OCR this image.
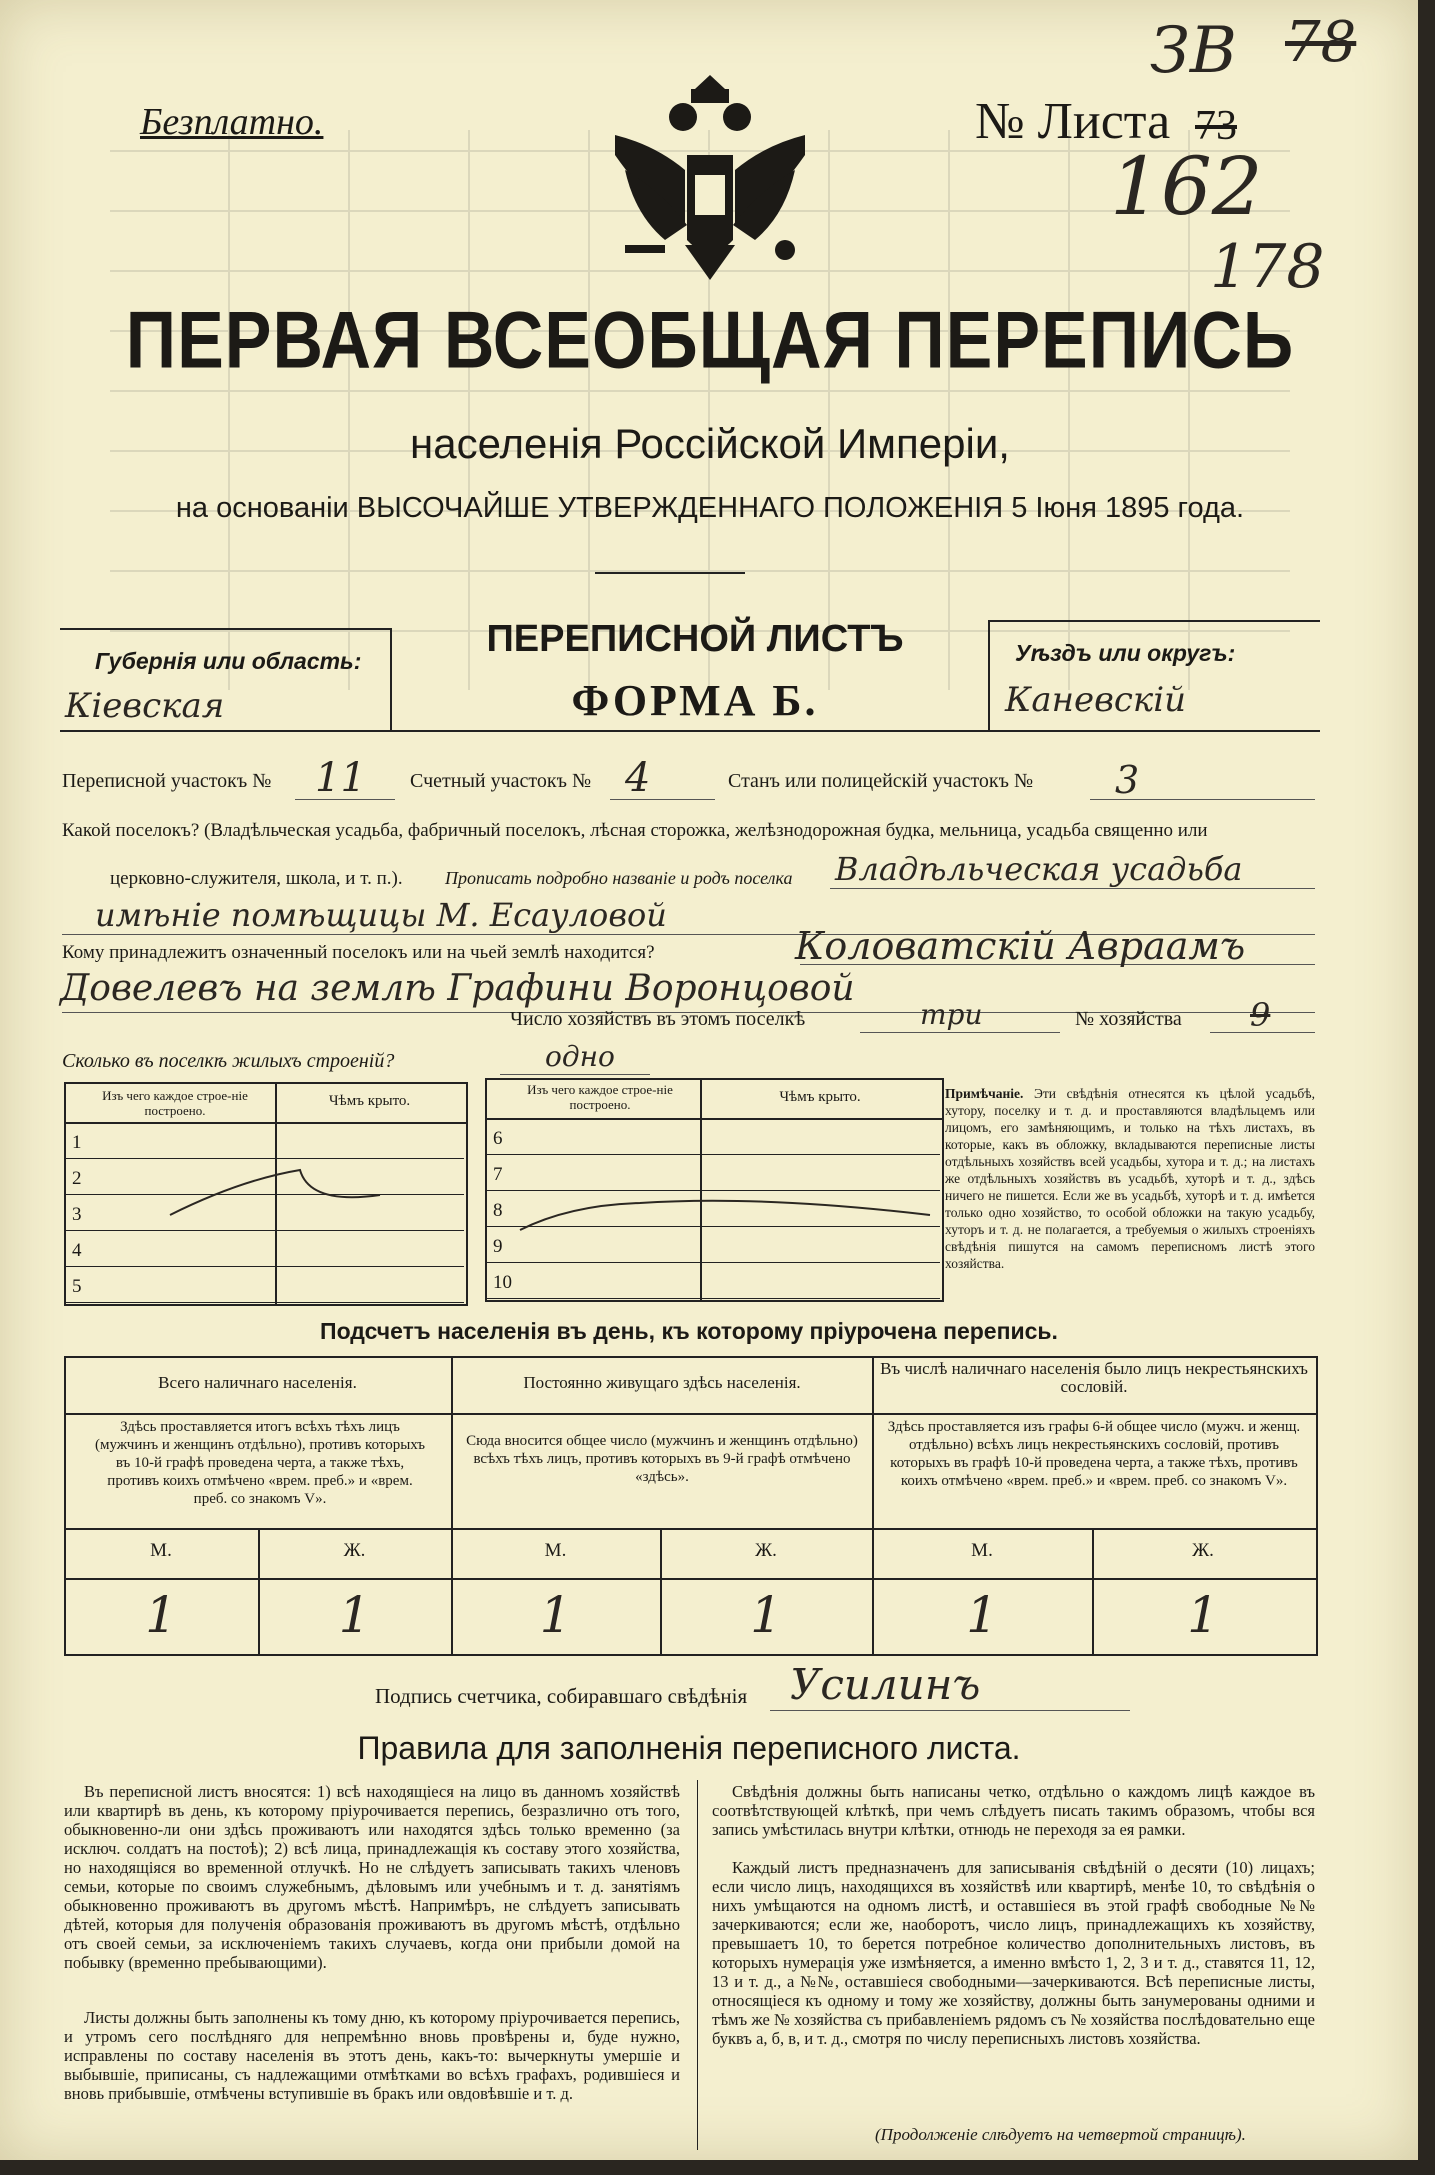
ЗВ 78
162
178
Безплатно.	№ Листа 73
ПЕРВАЯ ВСЕОБЩАЯ ПЕРЕПИСЬ
населенія Россійской Имперіи,
на основаніи ВЫСОЧАЙШЕ УТВЕРЖДЕННАГО ПОЛОЖЕНІЯ 5 Іюня 1895 года.
Губернія или область:
Кіевская
ПЕРЕПИСНОЙ ЛИСТЪ
ФОРМА Б.
Уѣздъ или округъ:
Каневскій
Переписной участокъ № 11 Счетный участокъ № 4	Станъ или полицейскій участокъ № 3
Какой поселокъ? (Владѣльческая усадьба, фабричный поселокъ, лѣсная сторожка, желѣзнодорожная будка, мельница, усадьба священно или
церковно-служителя, школа, и т. п.). Прописать подробно названіе и родъ поселка Владѣльческая усадьба
имѣніе помѣщицы М. Есауловой
Кому принадлежитъ означенный поселокъ или на чьей землѣ находится?	Коловатскій Авраамъ
Довелевъ на землѣ Графини Воронцовой
Число хозяйствъ въ этомъ поселкѣ	три	№ хозяйства 9
Сколько въ поселкѣ жилыхъ строеній?	одно
Изъ чего каждое строе-ніе построено.
Чѣмъ крыто.
1
2
3
4
5
Изъ чего каждое строе-ніе построено.	Чѣмъ крыто.
6
7
8
9
10
Примѣчаніе. Эти свѣдѣнія отнесятся къ цѣлой усадьбѣ, хутору, поселку и т. д. и проставляются владѣльцемъ или лицомъ, его замѣняющимъ, и только на тѣхъ листахъ, въ которые, какъ въ обложку, вкладываются переписные листы отдѣльныхъ хозяйствъ всей усадьбы, хутора и т. д.; на листахъ же отдѣльныхъ хозяйствъ въ усадьбѣ, хуторѣ и т. д., здѣсь ничего не пишется. Если же въ усадьбѣ, хуторѣ и т. д. имѣется только одно хозяйство, то особой обложки на такую усадьбу, хуторъ и т. д. не полагается, а требуемыя о жилыхъ строеніяхъ свѣдѣнія пишутся на самомъ переписномъ листѣ этого хозяйства.
Подсчетъ населенія въ день, къ которому пріурочена перепись.
Всего наличнаго населенія.	Постоянно живущаго здѣсь населенія.
Въ числѣ наличнаго населенія было лицъ некрестьянскихъ сословій.
Здѣсь проставляется итогъ всѣхъ тѣхъ лицъ (мужчинъ и женщинъ отдѣльно), противъ которыхъ въ 10-й графѣ проведена черта, а также тѣхъ, противъ коихъ отмѣчено «врем. преб.» и «врем. преб. со знакомъ V».
Сюда вносится общее число (мужчинъ и женщинъ отдѣльно) всѣхъ тѣхъ лицъ, противъ которыхъ въ 9-й графѣ отмѣчено «здѣсь».
Здѣсь проставляется изъ графы 6-й общее число (мужч. и женщ. отдѣльно) всѣхъ лицъ некрестьянскихъ сословій, противъ которыхъ въ графѣ 10-й проведена черта, а также тѣхъ, противъ коихъ отмѣчено «врем. преб.» и «врем. преб. со знакомъ V».
М.	Ж.	М.	Ж.	М.	Ж.
1	1	1	1	1	1
Подпись счетчика, собиравшаго свѣдѣнія Усилинъ
Правила для заполненія переписного листа.
Въ переписной листъ вносятся: 1) всѣ находящіеся на лицо въ данномъ хозяйствѣ или квартирѣ въ день, къ которому пріурочивается перепись, безразлично отъ того, обыкновенно-ли они здѣсь проживаютъ или находятся здѣсь только временно (за исключ. солдатъ на постоѣ); 2) всѣ лица, принадлежащія къ составу этого хозяйства, но находящіяся во временной отлучкѣ. Но не слѣдуетъ записывать такихъ членовъ семьи, которые по своимъ служебнымъ, дѣловымъ или учебнымъ и т. д. занятіямъ обыкновенно проживаютъ въ другомъ мѣстѣ. Напримѣръ, не слѣдуетъ записывать дѣтей, которыя для полученія образованія проживаютъ въ другомъ мѣстѣ, отдѣльно отъ своей семьи, за исключеніемъ такихъ случаевъ, когда они прибыли домой на побывку (временно пребывающими).
Листы должны быть заполнены къ тому дню, къ которому пріурочивается перепись, и утромъ сего послѣдняго для непремѣнно вновь провѣрены и, буде нужно, исправлены по составу населенія въ этотъ день, какъ-то: вычеркнуты умершіе и выбывшіе, приписаны, съ надлежащими отмѣтками во всѣхъ графахъ, родившіеся и вновь прибывшіе, отмѣчены вступившіе въ бракъ или овдовѣвшіе и т. д.
Свѣдѣнія должны быть написаны четко, отдѣльно о каждомъ лицѣ каждое въ соотвѣтствующей клѣткѣ, при чемъ слѣдуетъ писать такимъ образомъ, чтобы вся запись умѣстилась внутри клѣтки, отнюдь не переходя за ея рамки.
Каждый листъ предназначенъ для записыванія свѣдѣній о десяти (10) лицахъ; если число лицъ, находящихся въ хозяйствѣ или квартирѣ, менѣе 10, то свѣдѣнія о нихъ умѣщаются на одномъ листѣ, и оставшіеся въ этой графѣ свободные №№ зачеркиваются; если же, наоборотъ, число лицъ, принадлежащихъ къ хозяйству, превышаетъ 10, то берется потребное количество дополнительныхъ листовъ, въ которыхъ нумерація уже измѣняется, а именно вмѣсто 1, 2, 3 и т. д., ставятся 11, 12, 13 и т. д., а №№, оставшіеся свободными—зачеркиваются. Всѣ переписные листы, относящіеся къ одному и тому же хозяйству, должны быть занумерованы одними и тѣмъ же № хозяйства съ прибавленіемъ рядомъ съ № хозяйства послѣдовательно еще буквъ а, б, в, и т. д., смотря по числу переписныхъ листовъ хозяйства.
(Продолженіе слѣдуетъ на четвертой страницѣ).
